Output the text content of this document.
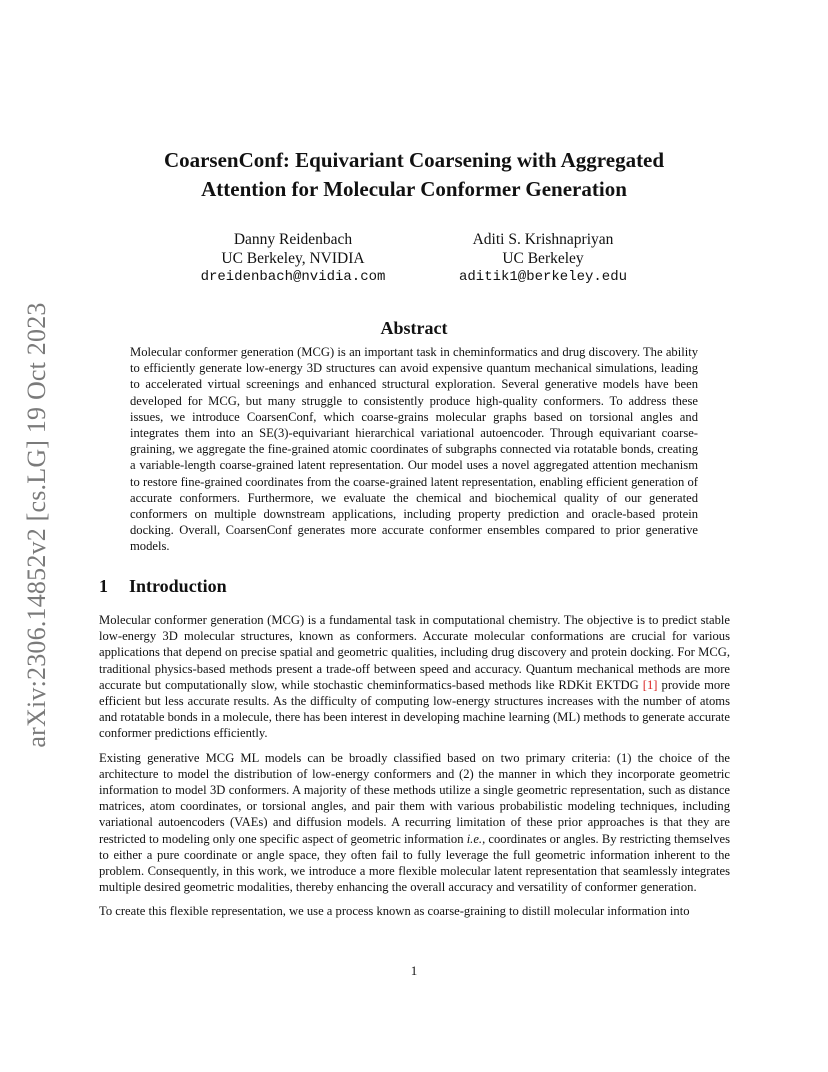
arXiv:2306.14852v2 [cs.LG] 19 Oct 2023
CoarsenConf: Equivariant Coarsening with Aggregated
Attention for Molecular Conformer Generation
Danny Reidenbach
UC Berkeley, NVIDIA
dreidenbach@nvidia.com
Aditi S. Krishnapriyan
UC Berkeley
aditik1@berkeley.edu
Abstract
Molecular conformer generation (MCG) is an important task in cheminformatics and drug discovery. The ability to efficiently generate low-energy 3D structures can avoid expensive quantum mechanical simulations, leading to accelerated virtual screenings and enhanced structural exploration. Several generative models have been developed for MCG, but many struggle to consistently produce high-quality conformers. To address these issues, we introduce CoarsenConf, which coarse-grains molecular graphs based on torsional angles and integrates them into an SE(3)-equivariant hierarchical variational autoencoder. Through equivariant coarse-graining, we aggregate the fine-grained atomic coordinates of subgraphs connected via rotatable bonds, creating a variable-length coarse-grained latent representation. Our model uses a novel aggregated attention mechanism to restore fine-grained coordinates from the coarse-grained latent representation, enabling efficient generation of accurate conformers. Furthermore, we evaluate the chemical and biochemical quality of our generated conformers on multiple downstream applications, including property prediction and oracle-based protein docking. Overall, CoarsenConf generates more accurate conformer ensembles compared to prior generative models.
1 Introduction

Molecular conformer generation (MCG) is a fundamental task in computational chemistry. The objective is to predict stable low-energy 3D molecular structures, known as conformers. Accurate molecular conformations are crucial for various applications that depend on precise spatial and geometric qualities, including drug discovery and protein docking. For MCG, traditional physics-based methods present a trade-off between speed and accuracy. Quantum mechanical methods are more accurate but computationally slow, while stochastic cheminformatics-based methods like RDKit EKTDG [1] provide more efficient but less accurate results. As the difficulty of computing low-energy structures increases with the number of atoms and rotatable bonds in a molecule, there has been interest in developing machine learning (ML) methods to generate accurate conformer predictions efficiently.

Existing generative MCG ML models can be broadly classified based on two primary criteria: (1) the choice of the architecture to model the distribution of low-energy conformers and (2) the manner in which they incorporate geometric information to model 3D conformers. A majority of these methods utilize a single geometric representation, such as distance matrices, atom coordinates, or torsional angles, and pair them with various probabilistic modeling techniques, including variational autoencoders (VAEs) and diffusion models. A recurring limitation of these prior approaches is that they are restricted to modeling only one specific aspect of geometric information i.e., coordinates or angles. By restricting themselves to either a pure coordinate or angle space, they often fail to fully leverage the full geometric information inherent to the problem. Consequently, in this work, we introduce a more flexible molecular latent representation that seamlessly integrates multiple desired geometric modalities, thereby enhancing the overall accuracy and versatility of conformer generation.

To create this flexible representation, we use a process known as coarse-graining to distill molecular information into

1
